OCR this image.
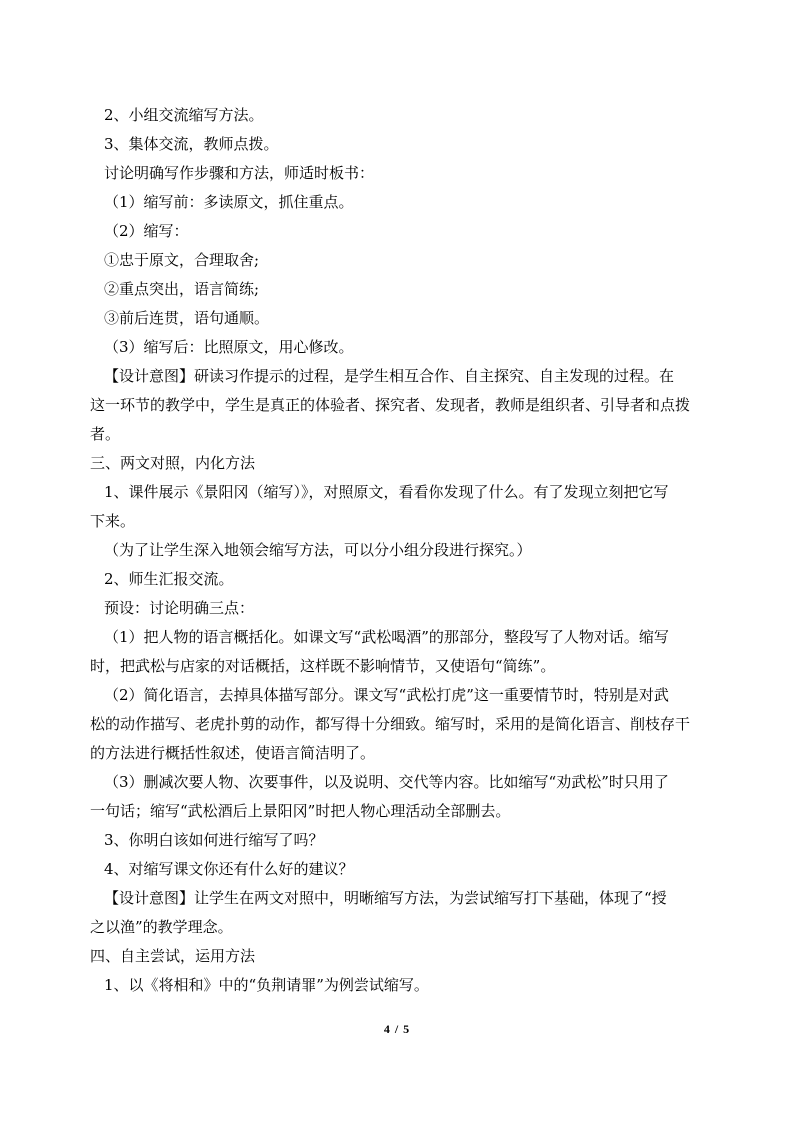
2、小组交流缩写方法。
3、集体交流，教师点拨。
讨论明确写作步骤和方法，师适时板书：
（1）缩写前：多读原文，抓住重点。
（2）缩写：
①忠于原文，合理取舍;
②重点突出，语言简练;
③前后连贯，语句通顺。
（3）缩写后：比照原文，用心修改。
【设计意图】研读习作提示的过程，是学生相互合作、自主探究、自主发现的过程。在
这一环节的教学中，学生是真正的体验者、探究者、发现者，教师是组织者、引导者和点拨
者。
三、两文对照，内化方法
1、课件展示《景阳冈（缩写）》，对照原文，看看你发现了什么。有了发现立刻把它写
下来。
（为了让学生深入地领会缩写方法，可以分小组分段进行探究。）
2、师生汇报交流。
预设：讨论明确三点：
（1）把人物的语言概括化。如课文写“武松喝酒”的那部分，整段写了人物对话。缩写
时，把武松与店家的对话概括，这样既不影响情节，又使语句“简练”。
（2）简化语言，去掉具体描写部分。课文写“武松打虎”这一重要情节时，特别是对武
松的动作描写、老虎扑剪的动作，都写得十分细致。缩写时，采用的是简化语言、削枝存干
的方法进行概括性叙述，使语言简洁明了。
（3）删减次要人物、次要事件，以及说明、交代等内容。比如缩写“劝武松”时只用了
一句话；缩写“武松酒后上景阳冈”时把人物心理活动全部删去。
3、你明白该如何进行缩写了吗？
4、对缩写课文你还有什么好的建议？
【设计意图】让学生在两文对照中，明晰缩写方法，为尝试缩写打下基础，体现了“授
之以渔”的教学理念。
四、自主尝试，运用方法
1、以《将相和》中的“负荆请罪”为例尝试缩写。
4 / 5
